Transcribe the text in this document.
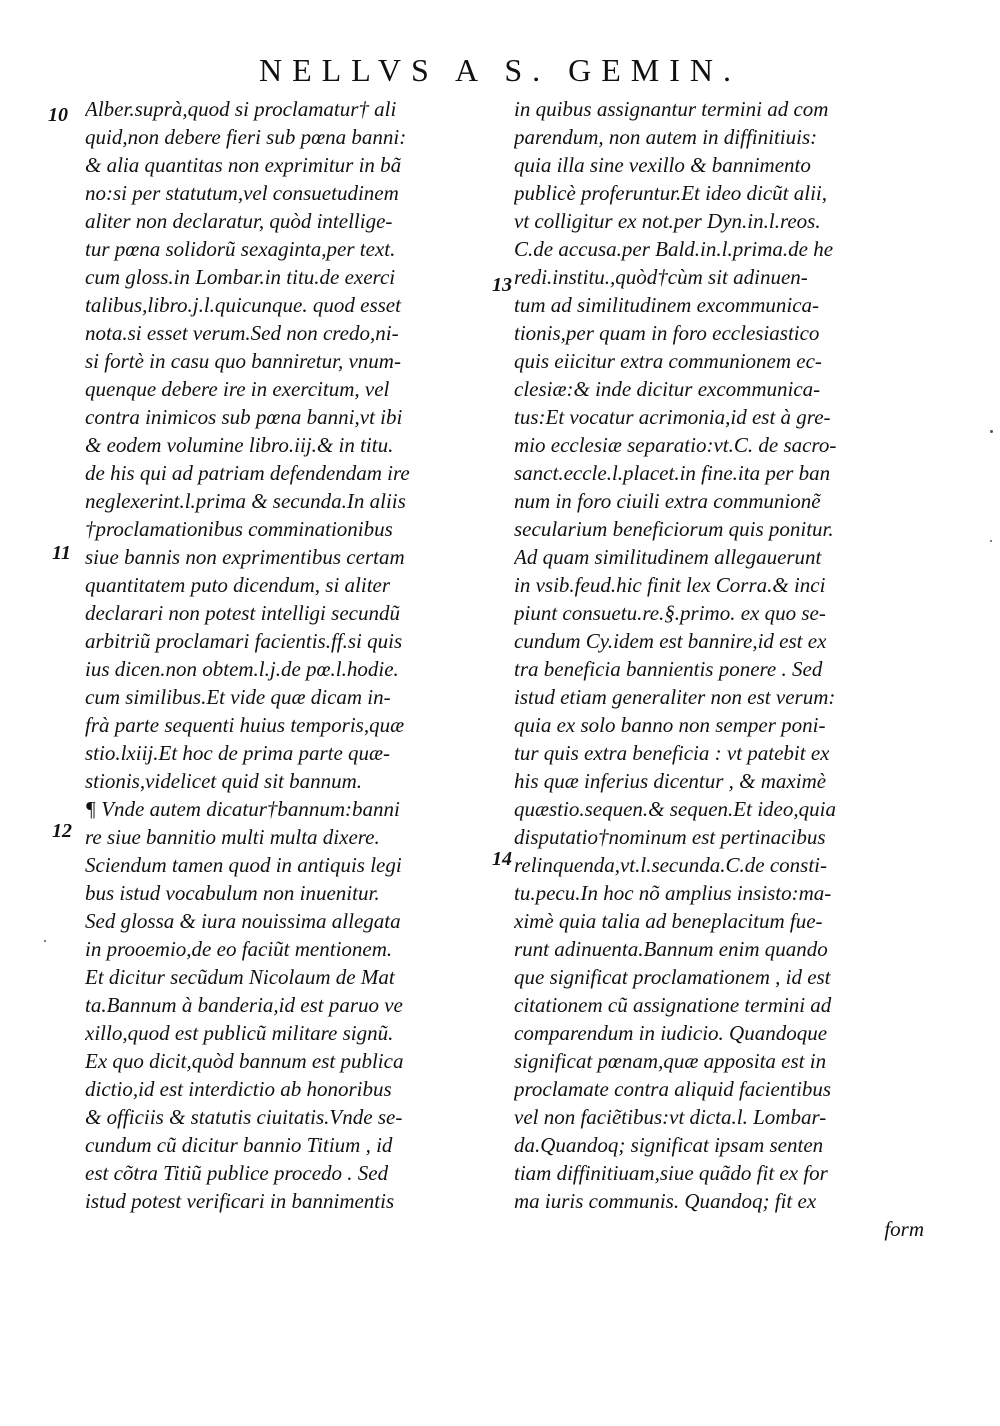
NELLVS A S. GEMIN.
10
11
12
13
14
Alber.suprà,quod si proclamatur† ali
quid,non debere fieri sub pœna banni:
& alia quantitas non exprimitur in bã
no:si per statutum,vel consuetudinem
aliter non declaratur, quòd intellige-
tur pœna solidorũ sexaginta,per text.
cum gloss.in Lombar.in titu.de exerci
talibus,libro.j.l.quicunque. quod esset
nota.si esset verum.Sed non credo,ni-
si fortè in casu quo banniretur, vnum-
quenque debere ire in exercitum, vel
contra inimicos sub pœna banni,vt ibi
& eodem volumine libro.iij.& in titu.
de his qui ad patriam defendendam ire
neglexerint.l.prima & secunda.In aliis
†proclamationibus comminationibus
siue bannis non exprimentibus certam
quantitatem puto dicendum, si aliter
declarari non potest intelligi secundũ
arbitriũ proclamari facientis.ff.si quis
ius dicen.non obtem.l.j.de pœ.l.hodie.
cum similibus.Et vide quæ dicam in-
frà parte sequenti huius temporis,quæ
stio.lxiij.Et hoc de prima parte quæ-
stionis,videlicet quid sit bannum.
¶ Vnde autem dicatur†bannum:banni
re siue bannitio multi multa dixere.
Sciendum tamen quod in antiquis legi
bus istud vocabulum non inuenitur.
Sed glossa & iura nouissima allegata
in prooemio,de eo faciũt mentionem.
Et dicitur secũdum Nicolaum de Mat
ta.Bannum à banderia,id est paruo ve
xillo,quod est publicũ militare signũ.
Ex quo dicit,quòd bannum est publica
dictio,id est interdictio ab honoribus
& officiis & statutis ciuitatis.Vnde se-
cundum cũ dicitur bannio Titium , id
est cõtra Titiũ publice procedo . Sed
istud potest verificari in bannimentis
in quibus assignantur termini ad com
parendum, non autem in diffinitiuis:
quia illa sine vexillo & bannimento
publicè proferuntur.Et ideo dicũt alii,
vt colligitur ex not.per Dyn.in.l.reos.
C.de accusa.per Bald.in.l.prima.de he
redi.institu.,quòd†cùm sit adinuen-
tum ad similitudinem excommunica-
tionis,per quam in foro ecclesiastico
quis eiicitur extra communionem ec-
clesiæ:& inde dicitur excommunica-
tus:Et vocatur acrimonia,id est à gre-
mio ecclesiæ separatio:vt.C. de sacro-
sanct.eccle.l.placet.in fine.ita per ban
num in foro ciuili extra communionẽ
secularium beneficiorum quis ponitur.
Ad quam similitudinem allegauerunt
in vsib.feud.hic finit lex Corra.& inci
piunt consuetu.re.§.primo. ex quo se-
cundum Cy.idem est bannire,id est ex
tra beneficia bannientis ponere . Sed
istud etiam generaliter non est verum:
quia ex solo banno non semper poni-
tur quis extra beneficia : vt patebit ex
his quæ inferius dicentur , & maximè
quæstio.sequen.& sequen.Et ideo,quia
disputatio†nominum est pertinacibus
relinquenda,vt.l.secunda.C.de consti-
tu.pecu.In hoc nõ amplius insisto:ma-
ximè quia talia ad beneplacitum fue-
runt adinuenta.Bannum enim quando
que significat proclamationem , id est
citationem cũ assignatione termini ad
comparendum in iudicio. Quandoque
significat pœnam,quæ apposita est in
proclamate contra aliquid facientibus
vel non faciẽtibus:vt dicta.l. Lombar-
da.Quandoq; significat ipsam senten
tiam diffinitiuam,siue quãdo fit ex for
ma iuris communis. Quandoq; fit ex
form
